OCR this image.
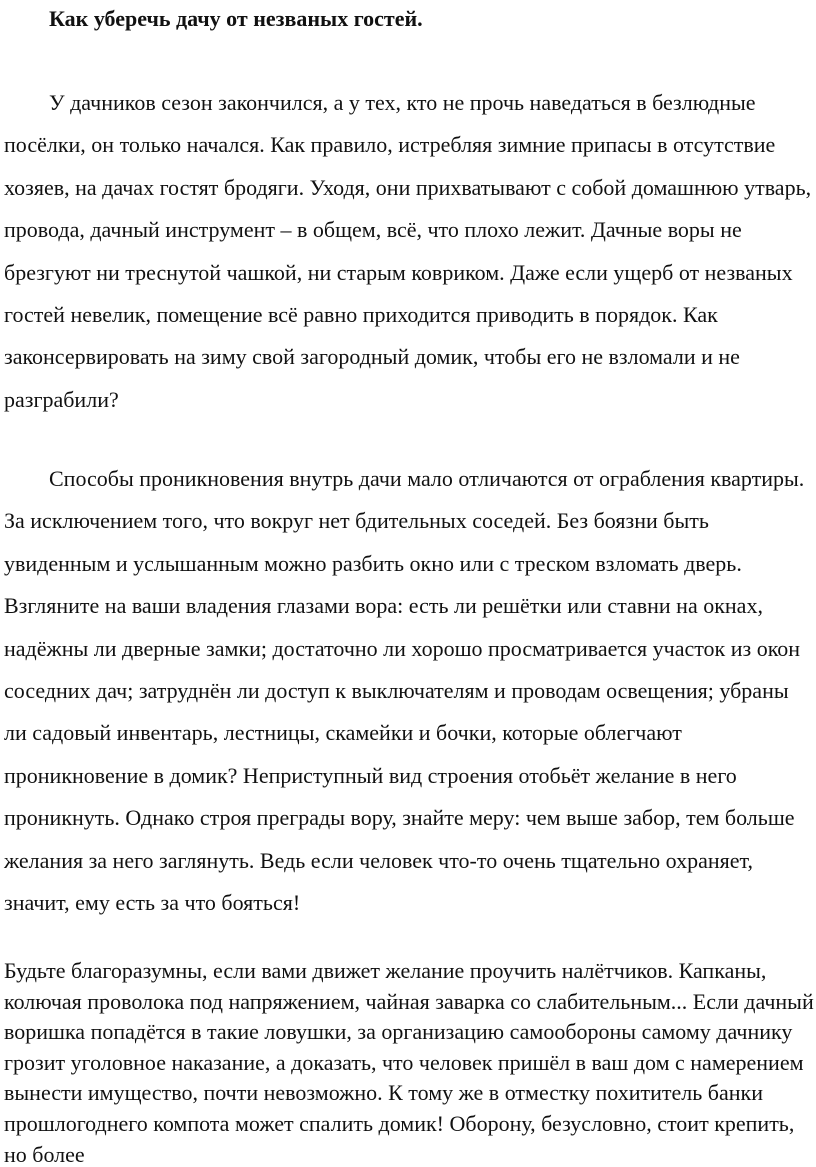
Как уберечь дачу от незваных гостей.

У дачников сезон закончился, а у тех, кто не прочь наведаться в безлюдные посёлки, он только начался. Как правило, истребляя зимние припасы в отсутствие хозяев, на дачах гостят бродяги. Уходя, они прихватывают с собой домашнюю утварь, провода, дачный инструмент – в общем, всё, что плохо лежит. Дачные воры не брезгуют ни треснутой чашкой, ни старым ковриком. Даже если ущерб от незваных гостей невелик, помещение всё равно приходится приводить в порядок. Как законсервировать на зиму свой загородный домик, чтобы его не взломали и не разграбили?

Способы проникновения внутрь дачи мало отличаются от ограбления квартиры. За исключением того, что вокруг нет бдительных соседей. Без боязни быть увиденным и услышанным можно разбить окно или с треском взломать дверь. Взгляните на ваши владения глазами вора: есть ли решётки или ставни на окнах, надёжны ли дверные замки; достаточно ли хорошо просматривается участок из окон соседних дач; затруднён ли доступ к выключателям и проводам освещения; убраны ли садовый инвентарь, лестницы, скамейки и бочки, которые облегчают проникновение в домик? Неприступный вид строения отобьёт желание в него проникнуть. Однако строя преграды вору, знайте меру: чем выше забор, тем больше желания за него заглянуть. Ведь если человек что-то очень тщательно охраняет, значит, ему есть за что бояться!

Будьте благоразумны, если вами движет желание проучить налётчиков. Капканы, колючая проволока под напряжением, чайная заварка со слабительным... Если дачный воришка попадётся в такие ловушки, за организацию самообороны самому дачнику грозит уголовное наказание, а доказать, что человек пришёл в ваш дом с намерением вынести имущество, почти невозможно. К тому же в отместку похититель банки прошлогоднего компота может спалить домик! Оборону, безусловно, стоит крепить, но более
